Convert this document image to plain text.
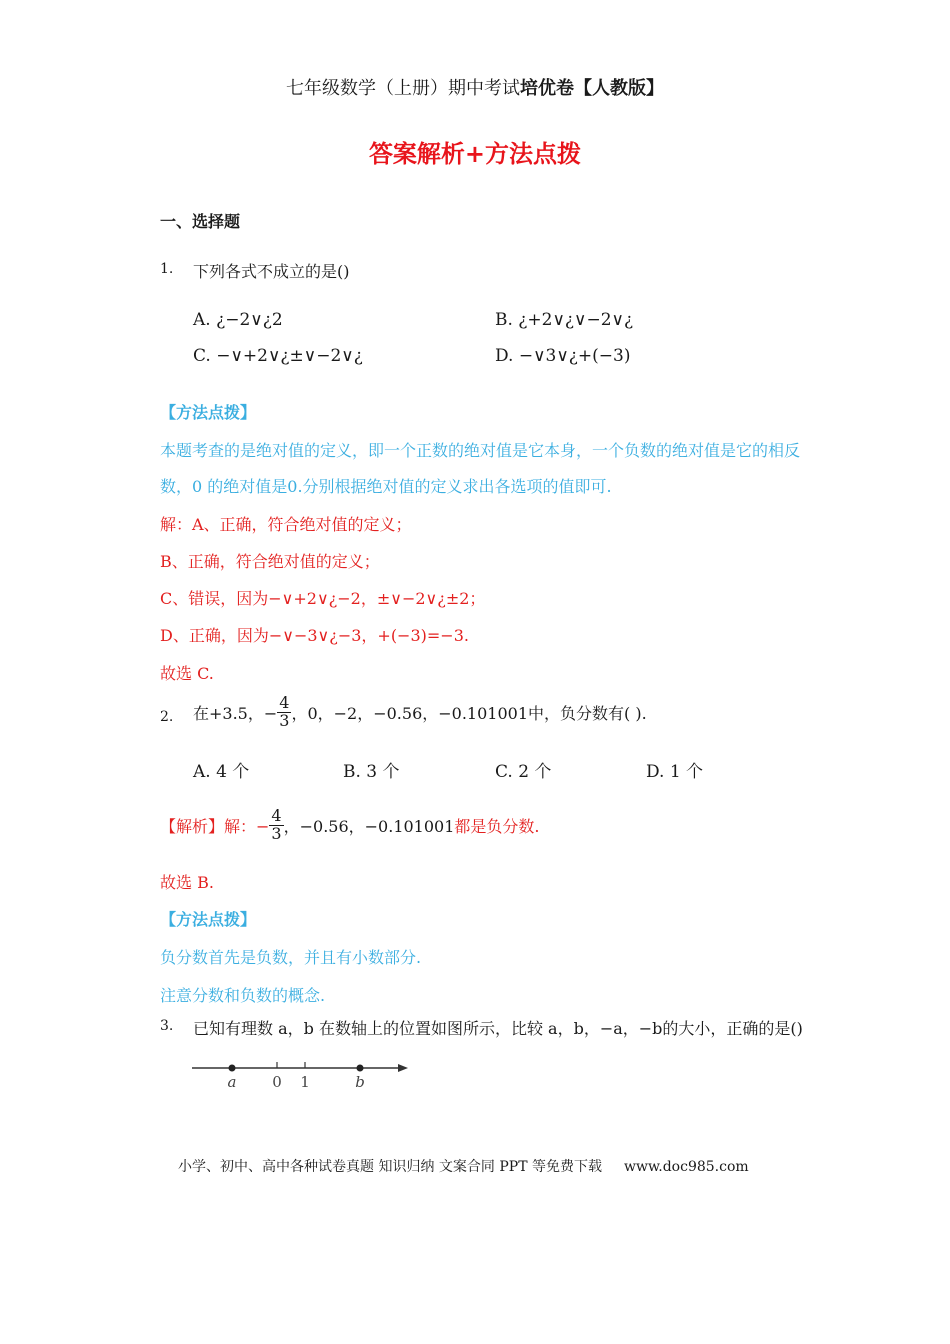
七年级数学（上册）期中考试培优卷【人教版】
答案解析+方法点拨
一、选择题
1. 下列各式不成立的是()
A. ¿−2∨¿2	B. ¿+2∨¿∨−2∨¿
C. −∨+2∨¿±∨−2∨¿	D. −∨3∨¿+(−3)
【方法点拨】
本题考查的是绝对值的定义，即一个正数的绝对值是它本身，一个负数的绝对值是它的相反
数，0 的绝对值是0.分别根据绝对值的定义求出各选项的值即可.
解：A、正确，符合绝对值的定义；
B、正确，符合绝对值的定义；
C、错误，因为−∨+2∨¿−2，±∨−2∨¿±2；
D、正确，因为−∨−3∨¿−3，+(−3)=−3.
故选 C.
2. 在+3.5，− $\frac{4}{3}$ ，0，−2，−0.56，−0.101001中，负分数有( ).
A. 4 个	B. 3 个	C. 2 个	D. 1 个
【解析】解：− $\frac{4}{3}$ ，−0.56，−0.101001都是负分数.
故选 B.
【方法点拨】
负分数首先是负数，并且有小数部分.
注意分数和负数的概念.
3. 已知有理数 a，b 在数轴上的位置如图所示，比较 a，b，−a，−b的大小，正确的是()
a 0 1	b
小学、初中、高中各种试卷真题 知识归纳 文案合同 PPT 等免费下载 www.doc985.com
